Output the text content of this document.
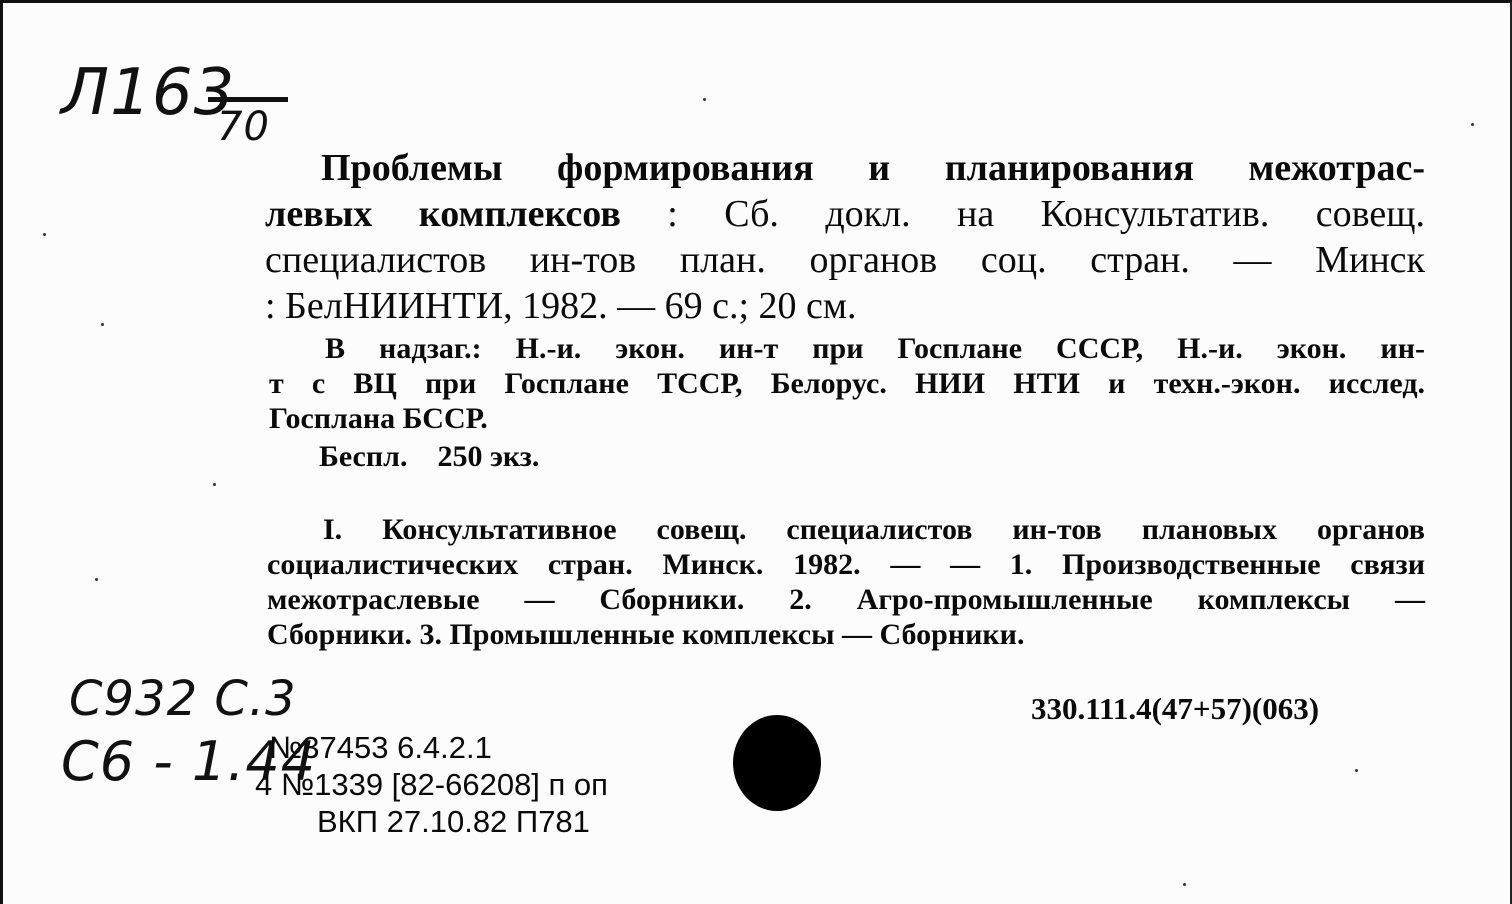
Л163
70
Проблемы формирования и планирования межотрас-
левых комплексов : Сб. докл. на Консультатив. совещ.
специалистов ин-тов план. органов соц. стран. — Минск
: БелНИИНТИ, 1982. — 69 с.; 20 см.
В надзаг.: Н.-и. экон. ин-т при Госплане СССР, Н.-и. экон. ин-
т с ВЦ при Госплане ТССР, Белорус. НИИ НТИ и техн.-экон. исслед.
Госплана БССР.
Беспл.    250 экз.
I. Консультативное совещ. специалистов ин-тов плановых органов
социалистических стран. Минск. 1982. — — 1. Производственные связи
межотраслевые — Сборники. 2. Агро-промышленные комплексы —
Сборники. 3. Промышленные комплексы — Сборники.
С932 С.3
С6 - 1.44
330.111.4(47+57)(063)
№37453 6.4.2.1
4 №1339 [82-66208] п оп
ВКП 27.10.82 П781
